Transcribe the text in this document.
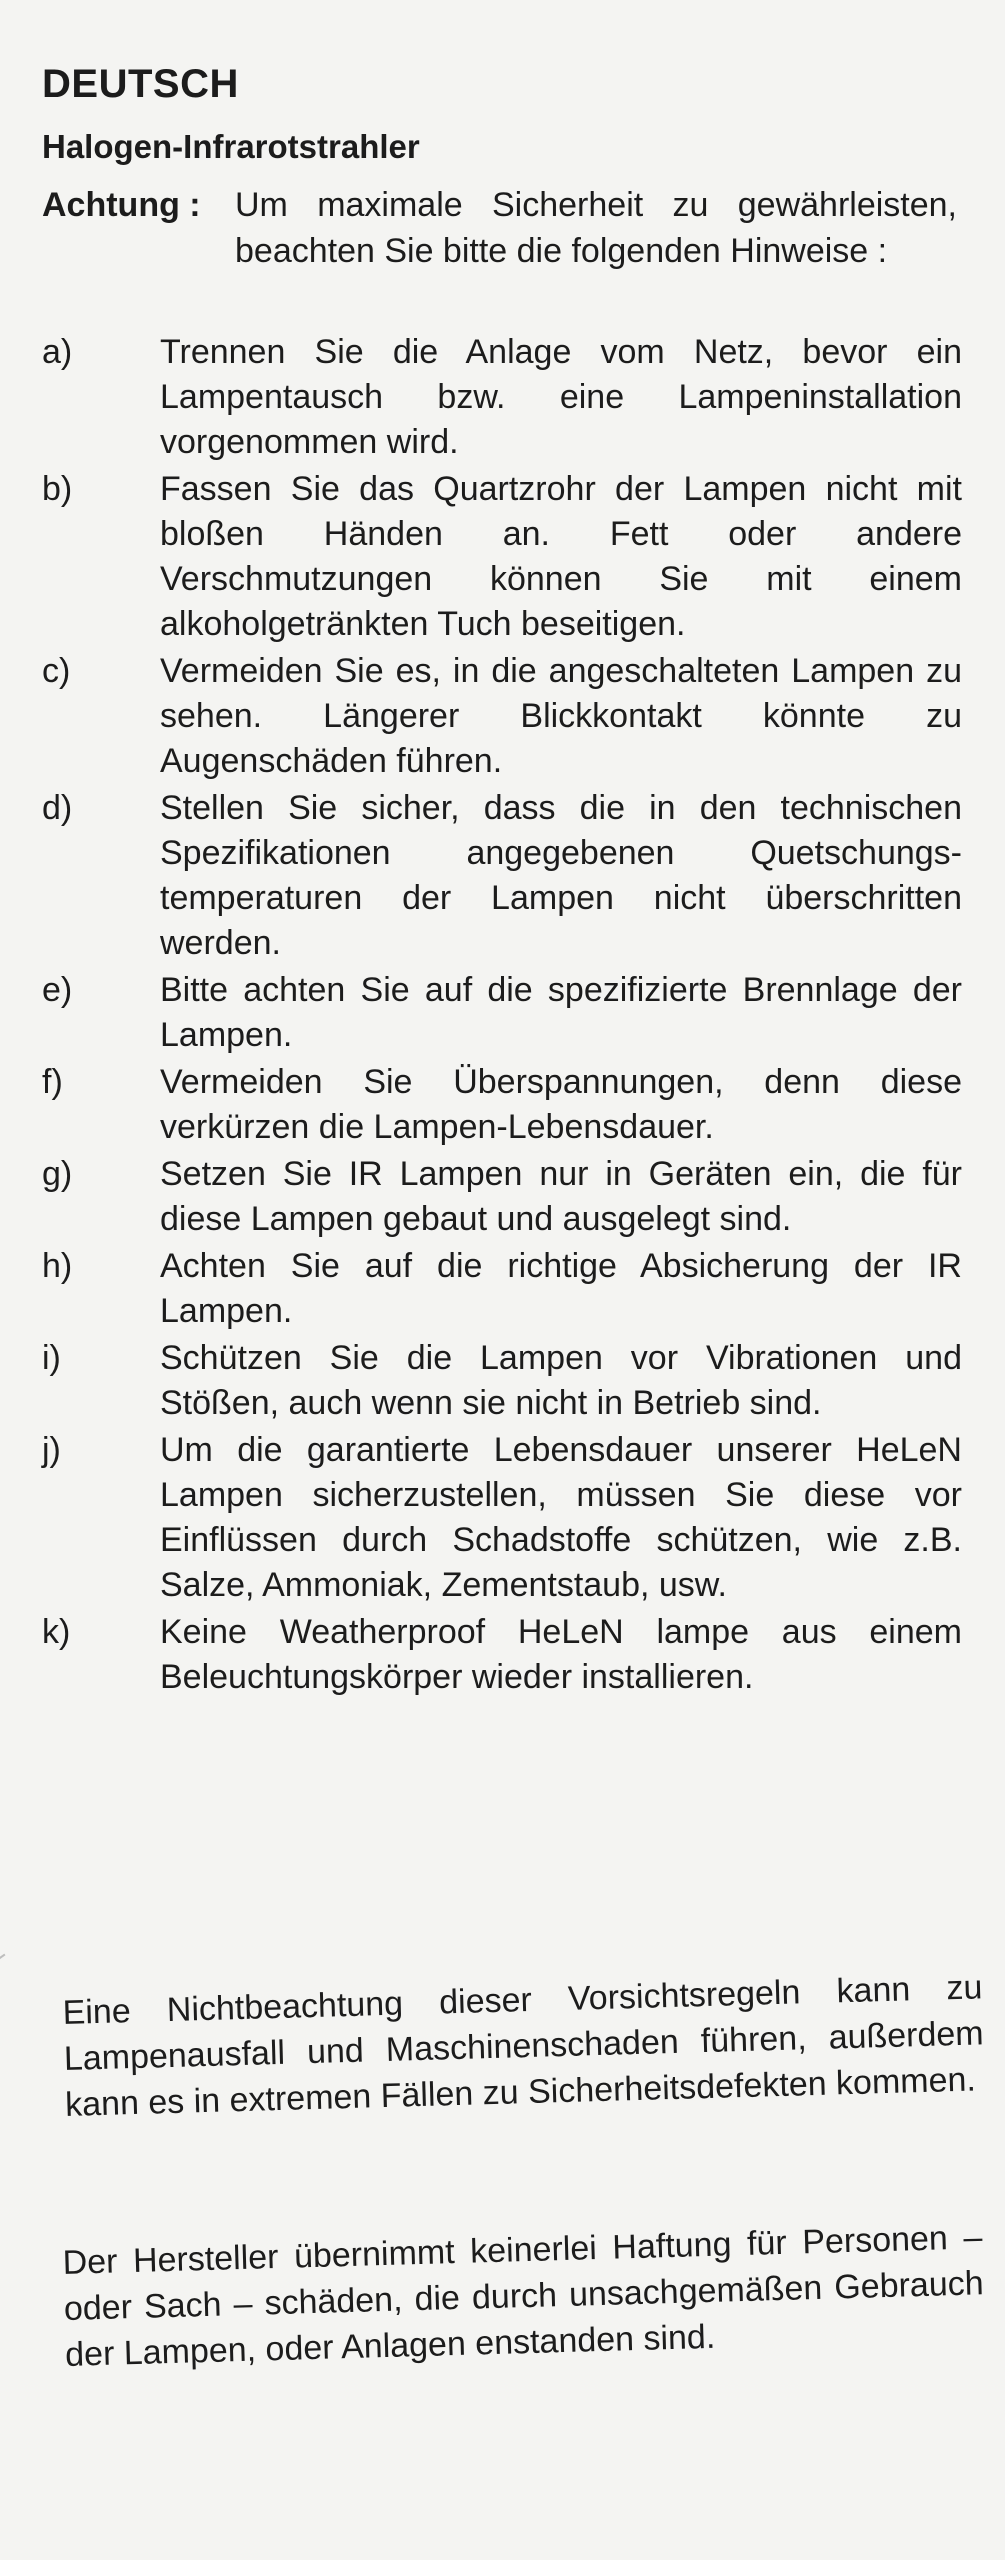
DEUTSCH
Halogen-Infrarotstrahler
Achtung :	Um maximale Sicherheit zu gewährleisten, beachten Sie bitte die folgenden Hinweise :
a)	Trennen Sie die Anlage vom Netz, bevor ein Lampentausch bzw. eine Lampeninstallation vorgenommen wird.
b)	Fassen Sie das Quartzrohr der Lampen nicht mit bloßen Händen an. Fett oder andere Verschmutzungen können Sie mit einem alkoholgetränkten Tuch beseitigen.
c)	Vermeiden Sie es, in die angeschalteten Lampen zu sehen. Längerer Blickkontakt könnte zu Augenschäden führen.
d)	Stellen Sie sicher, dass die in den technischen Spezifikationen angegebenen Quetschungs-temperaturen der Lampen nicht überschritten werden.
e)	Bitte achten Sie auf die spezifizierte Brennlage der Lampen.
f)	Vermeiden Sie Überspannungen, denn diese verkürzen die Lampen-Lebensdauer.
g)	Setzen Sie IR Lampen nur in Geräten ein, die für diese Lampen gebaut und ausgelegt sind.
h)	Achten Sie auf die richtige Absicherung der IR Lampen.
i)	Schützen Sie die Lampen vor Vibrationen und Stößen, auch wenn sie nicht in Betrieb sind.
j)	Um die garantierte Lebensdauer unserer HeLeN Lampen sicherzustellen, müssen Sie diese vor Einflüssen durch Schadstoffe schützen, wie z.B. Salze, Ammoniak, Zementstaub, usw.
k)	Keine Weatherproof HeLeN lampe aus einem Beleuchtungskörper wieder installieren.

Eine Nichtbeachtung dieser Vorsichtsregeln kann zu Lampenausfall und Maschinenschaden führen, außerdem kann es in extremen Fällen zu Sicherheitsdefekten kommen.

Der Hersteller übernimmt keinerlei Haftung für Personen – oder Sach – schäden, die durch unsachgemäßen Gebrauch der Lampen, oder Anlagen enstanden sind.
